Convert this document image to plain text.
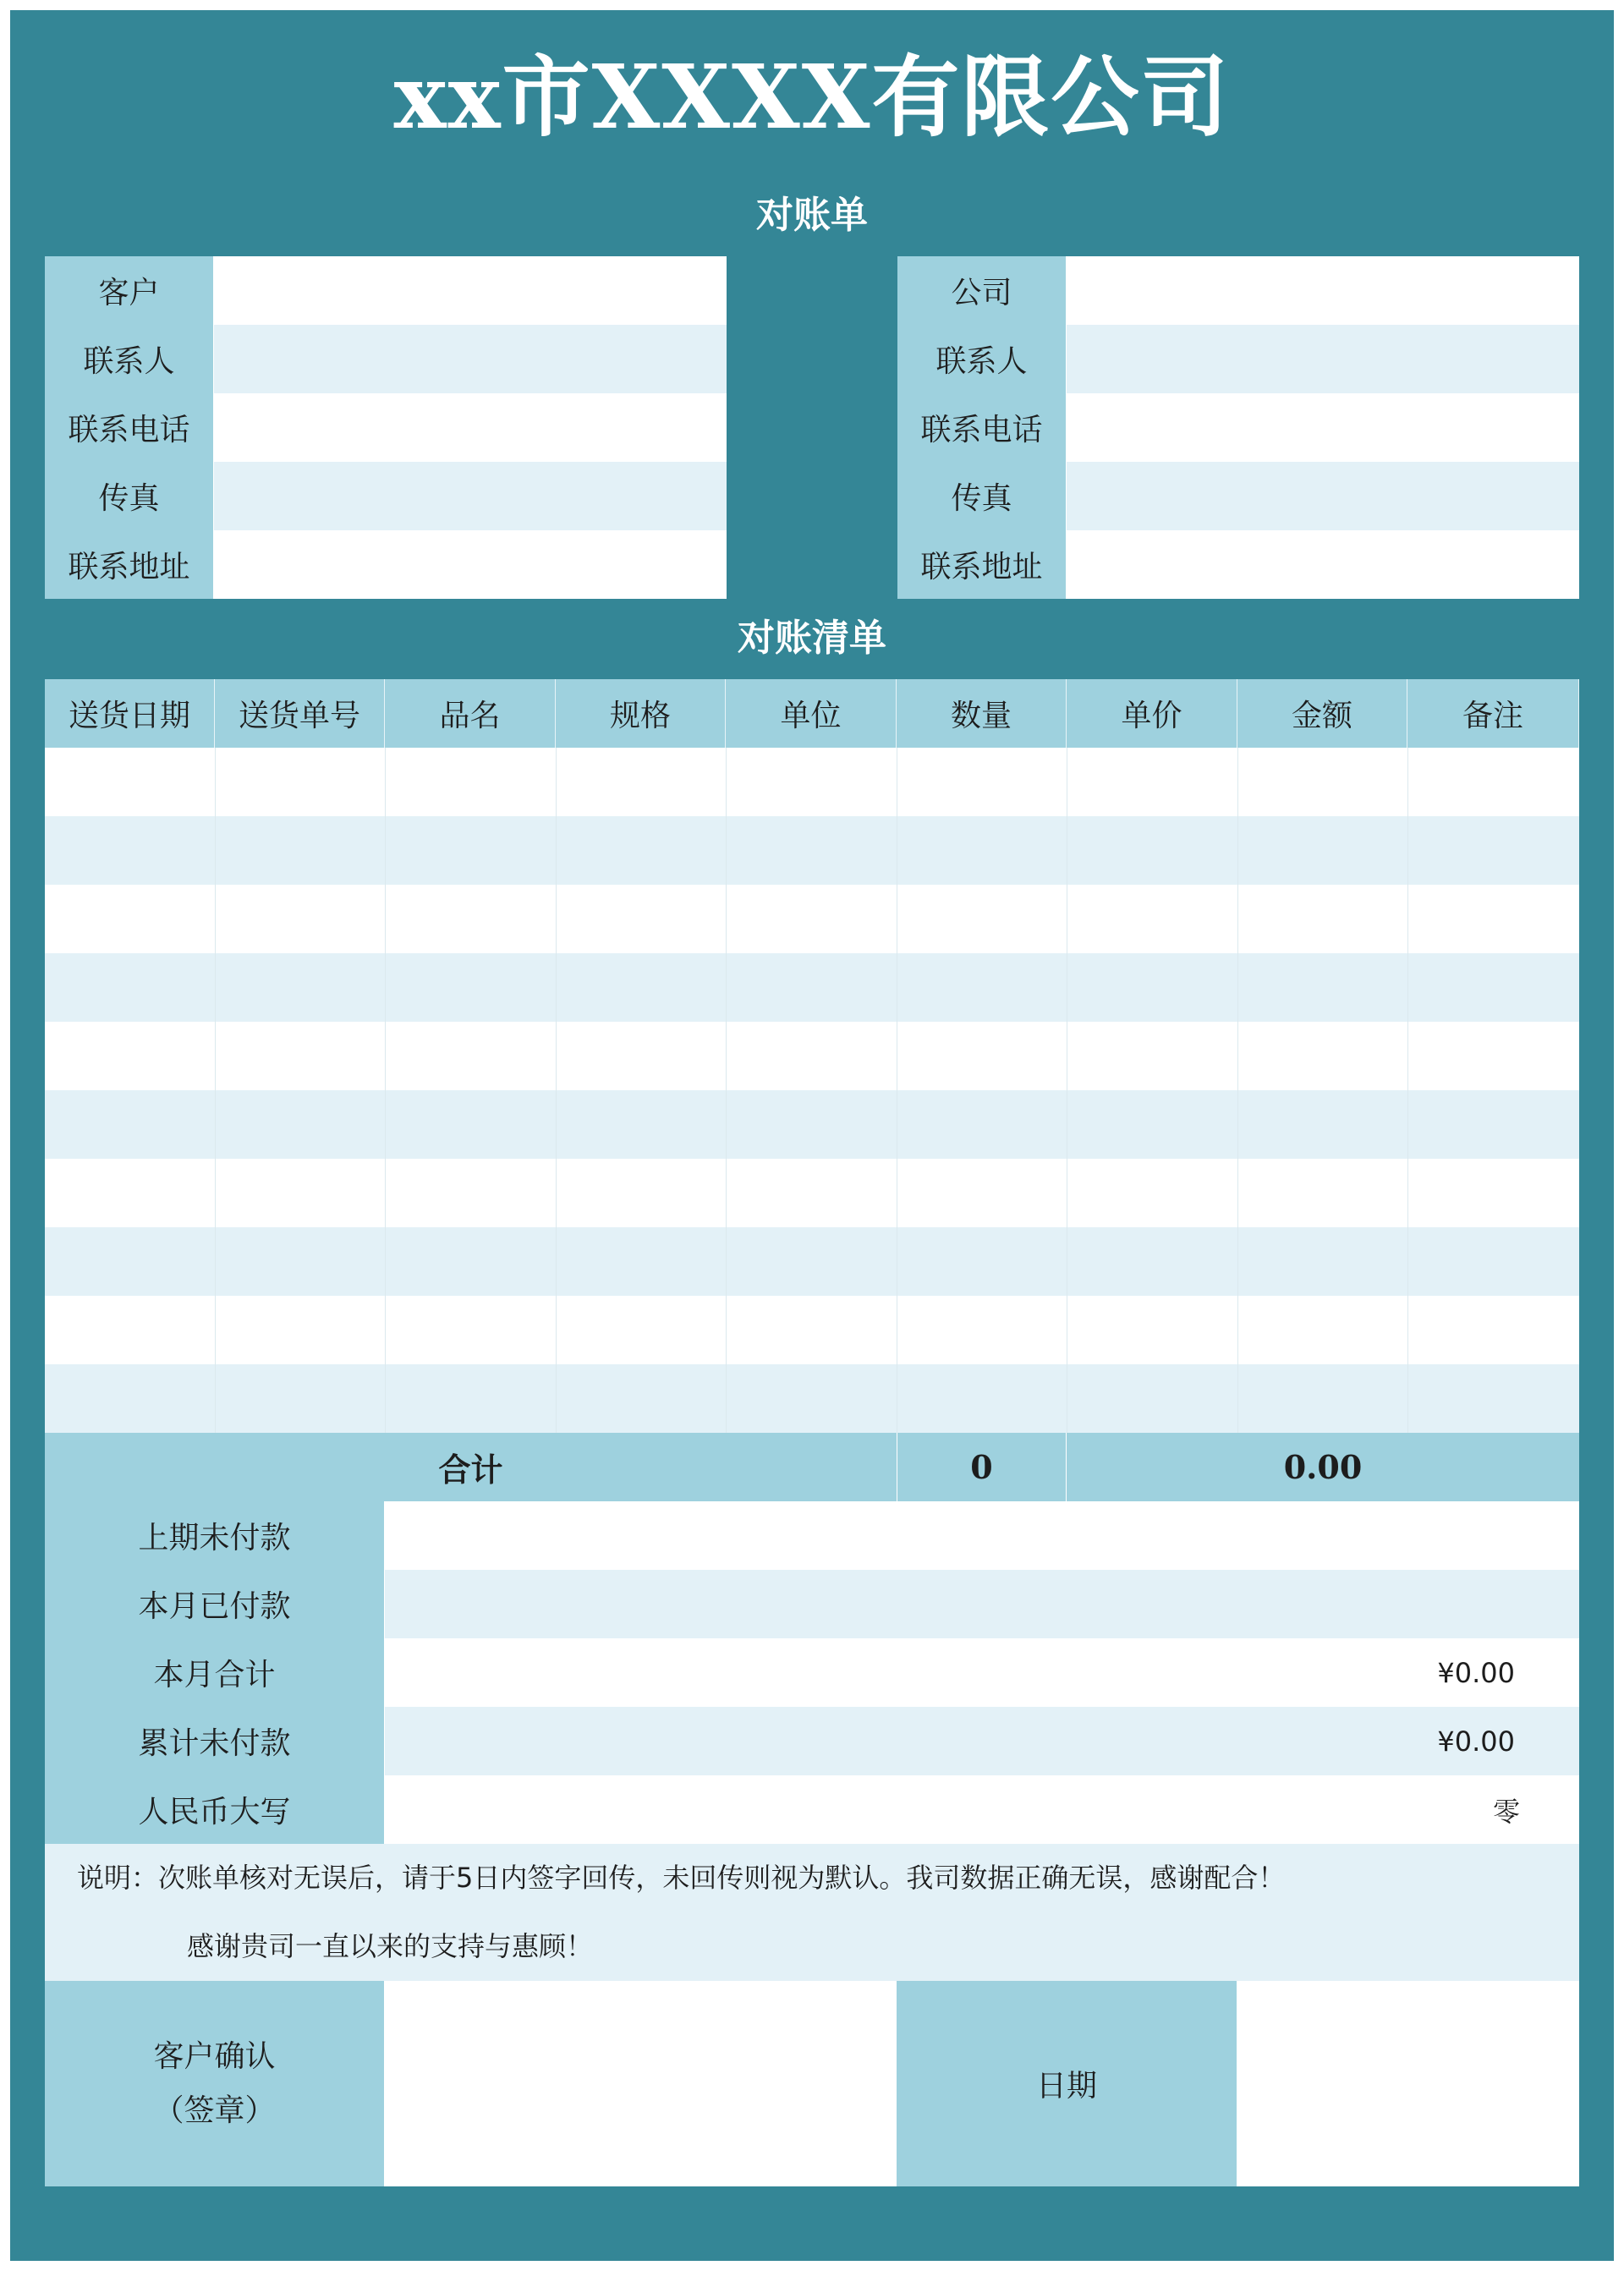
xx市XXXX有限公司
对账单
客户
联系人
联系电话
传真
联系地址
公司
联系人
联系电话
传真
联系地址
对账清单
送货日期	送货单号	品名	规格	单位	数量	单价	金额	备注
合计	0	0.00
上期未付款
本月已付款
本月合计	¥0.00
累计未付款	¥0.00
人民币大写	零
说明：次账单核对无误后，请于5日内签字回传，未回传则视为默认。我司数据正确无误，感谢配合！
感谢贵司一直以来的支持与惠顾！
客户确认
（签章）
日期
